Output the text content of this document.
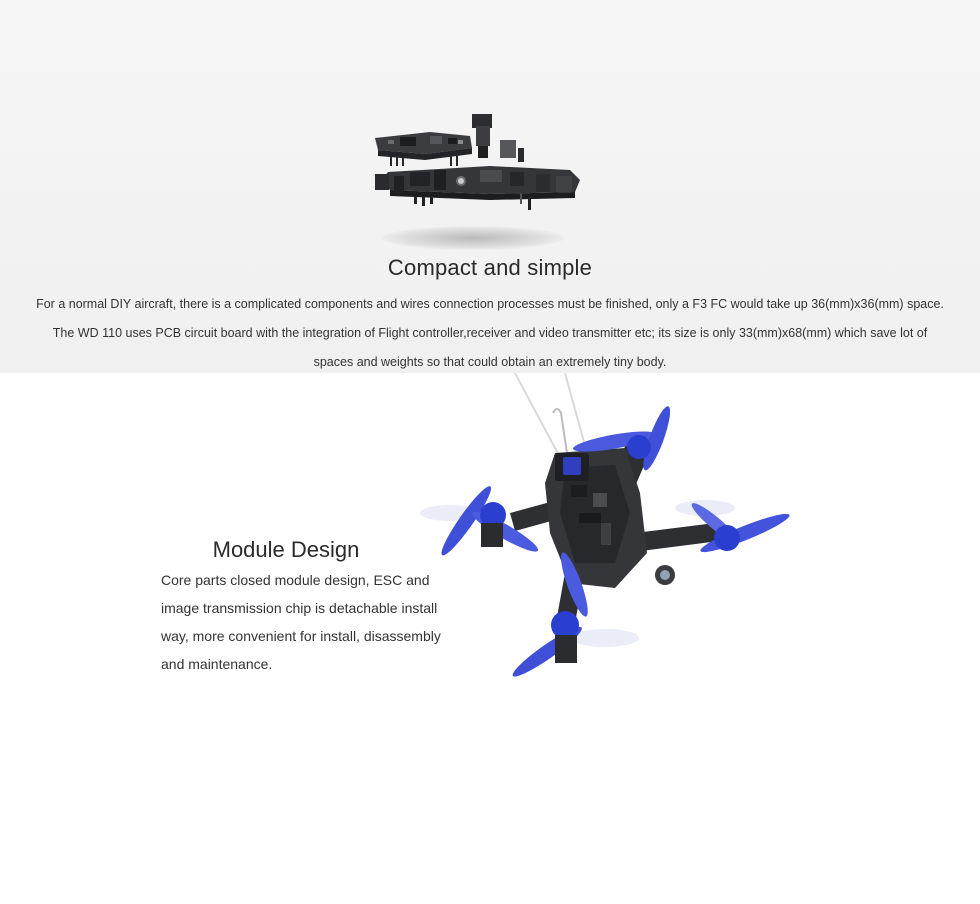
Compact and simple
For a normal DIY aircraft, there is a complicated components and wires connection processes must be finished, only a F3 FC would take up 36(mm)x36(mm) space.
The WD 110 uses PCB circuit board with the integration of Flight controller,receiver and video transmitter etc; its size is only 33(mm)x68(mm) which save lot of
spaces and weights so that could obtain an extremely tiny body.
Module Design
Core parts closed module design, ESC and
image transmission chip is detachable install
way, more convenient for install, disassembly
and maintenance.
